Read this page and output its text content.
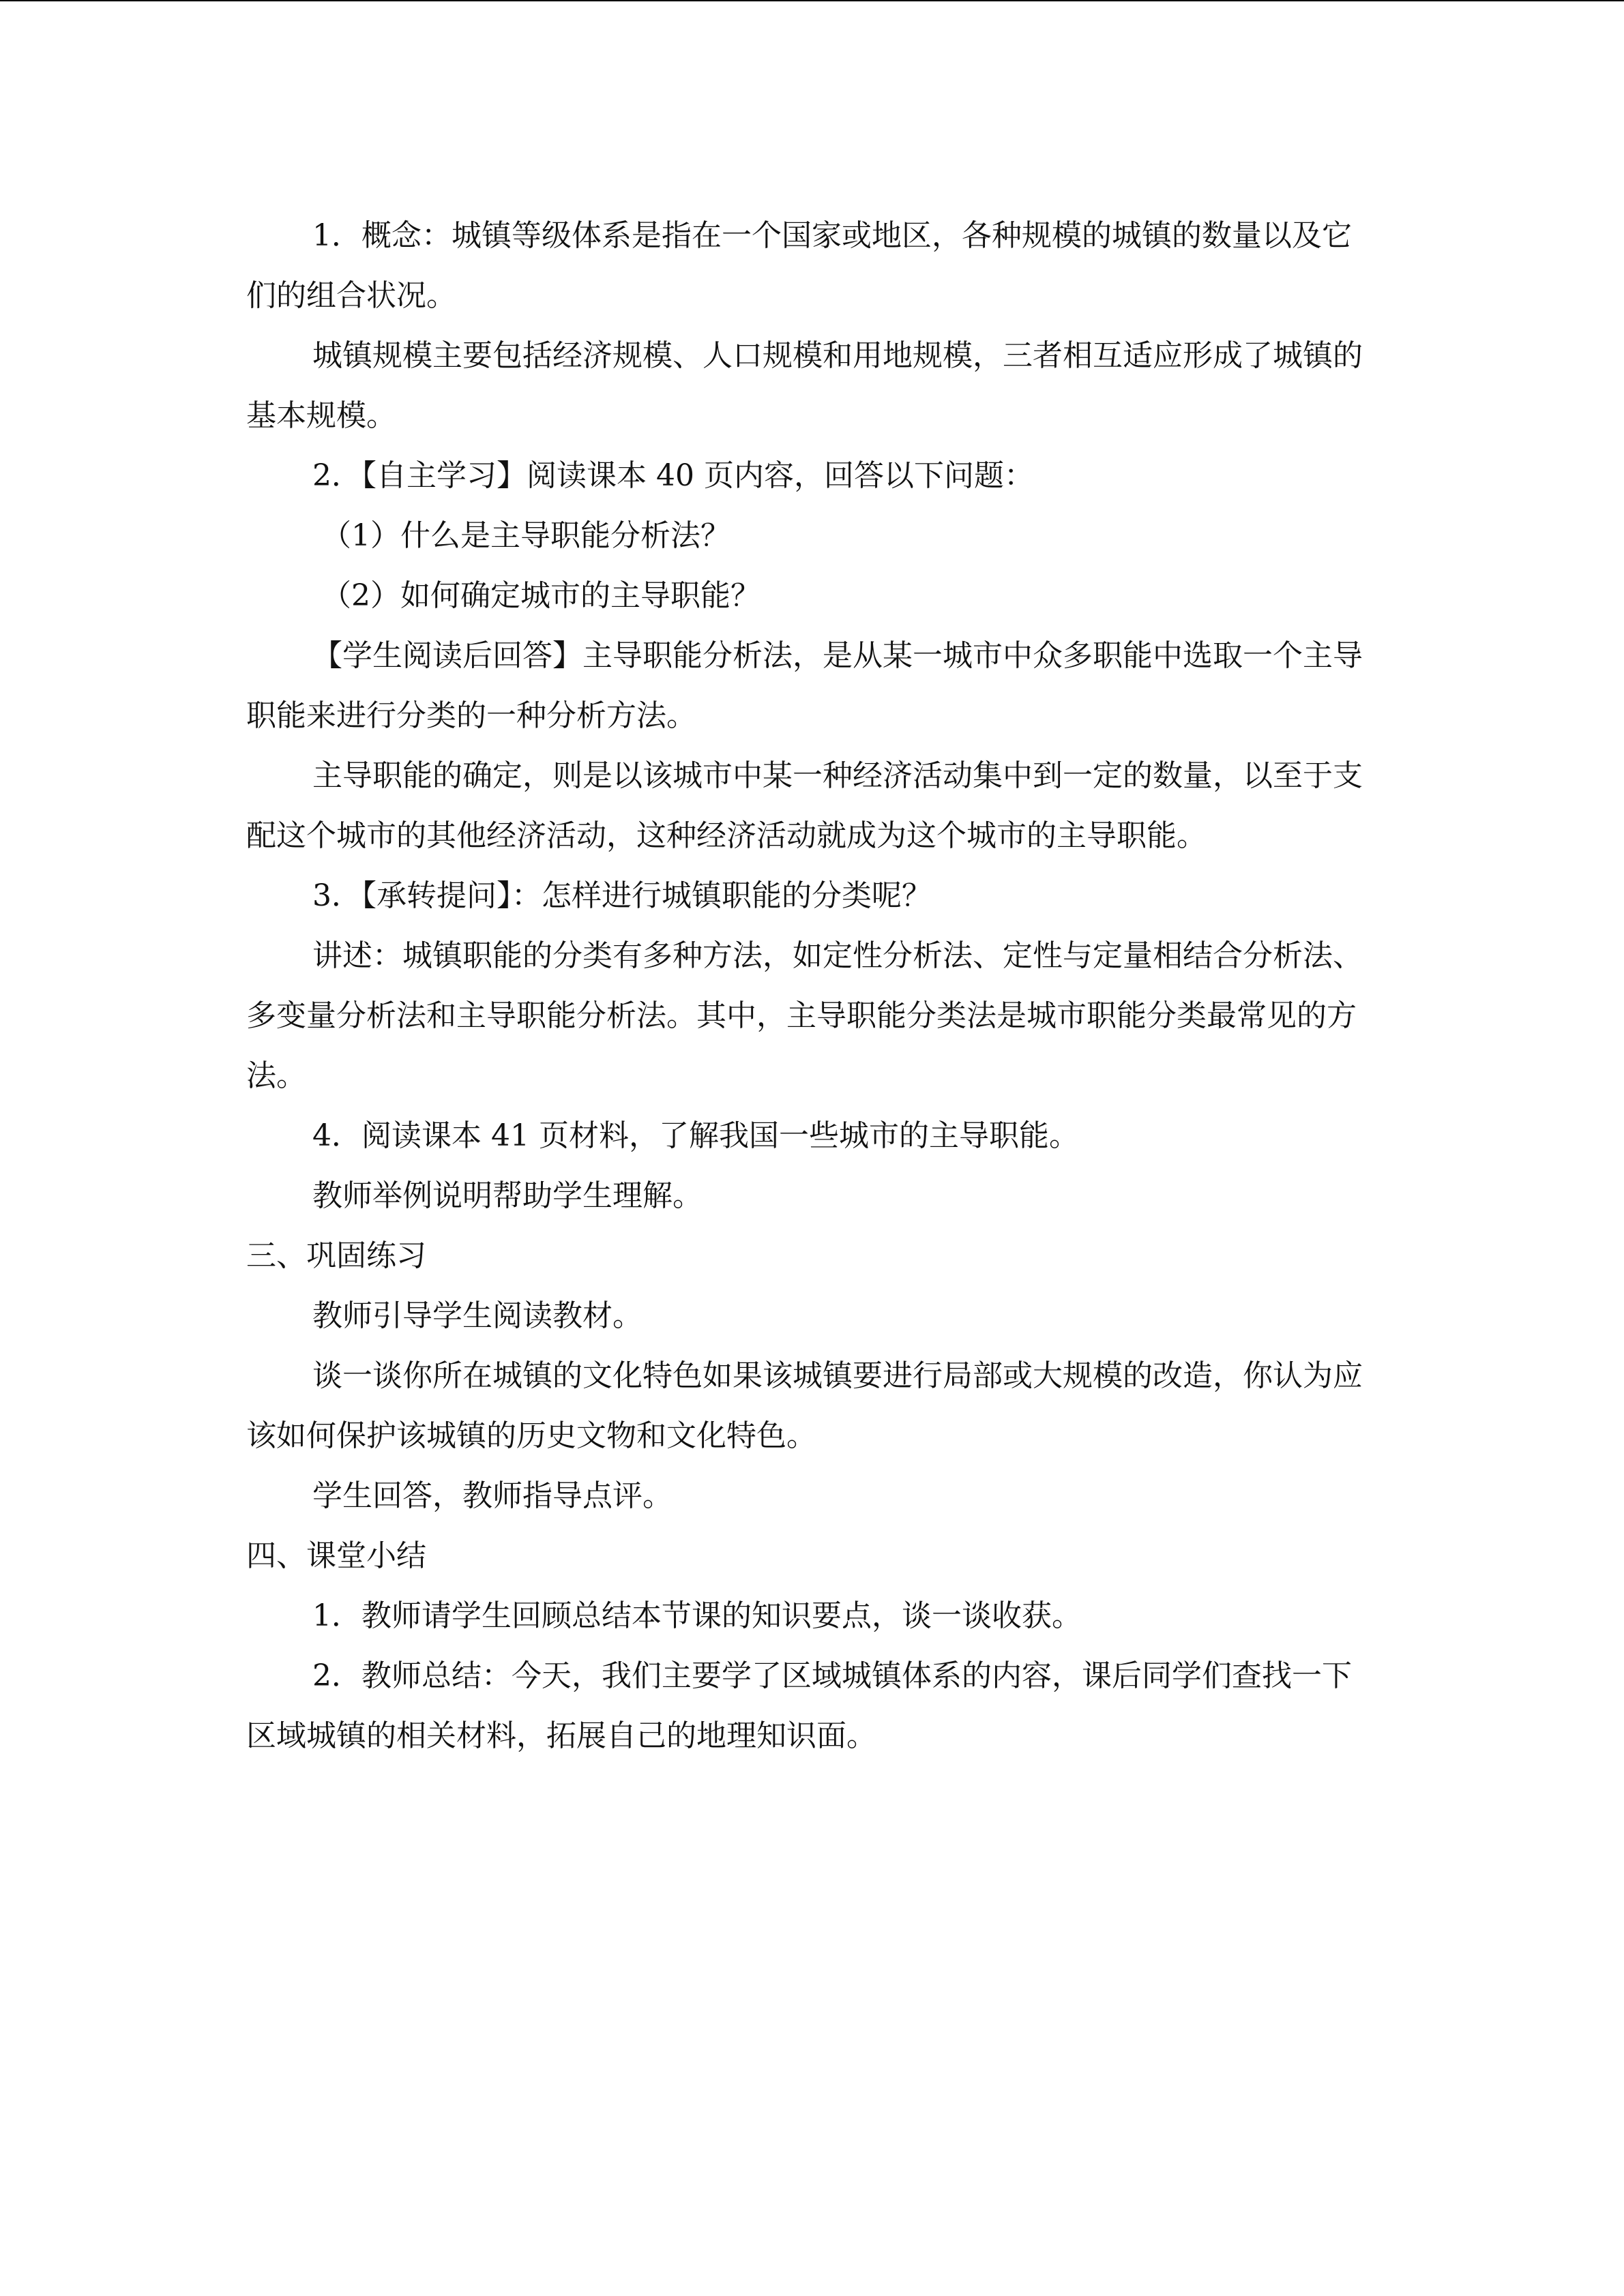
1．概念：城镇等级体系是指在一个国家或地区，各种规模的城镇的数量以及它们的组合状况。

城镇规模主要包括经济规模、人口规模和用地规模，三者相互适应形成了城镇的基本规模。

2．【自主学习】阅读课本 40 页内容，回答以下问题：

（1）什么是主导职能分析法？

（2）如何确定城市的主导职能？

【学生阅读后回答】主导职能分析法，是从某一城市中众多职能中选取一个主导职能来进行分类的一种分析方法。

主导职能的确定，则是以该城市中某一种经济活动集中到一定的数量，以至于支配这个城市的其他经济活动，这种经济活动就成为这个城市的主导职能。

3．【承转提问】：怎样进行城镇职能的分类呢？

讲述：城镇职能的分类有多种方法，如定性分析法、定性与定量相结合分析法、多变量分析法和主导职能分析法。其中，主导职能分类法是城市职能分类最常见的方法。

4．阅读课本 41 页材料，了解我国一些城市的主导职能。

教师举例说明帮助学生理解。

三、巩固练习

教师引导学生阅读教材。

谈一谈你所在城镇的文化特色如果该城镇要进行局部或大规模的改造，你认为应该如何保护该城镇的历史文物和文化特色。

学生回答，教师指导点评。

四、课堂小结

1．教师请学生回顾总结本节课的知识要点，谈一谈收获。

2．教师总结：今天，我们主要学了区域城镇体系的内容，课后同学们查找一下区域城镇的相关材料，拓展自己的地理知识面。
